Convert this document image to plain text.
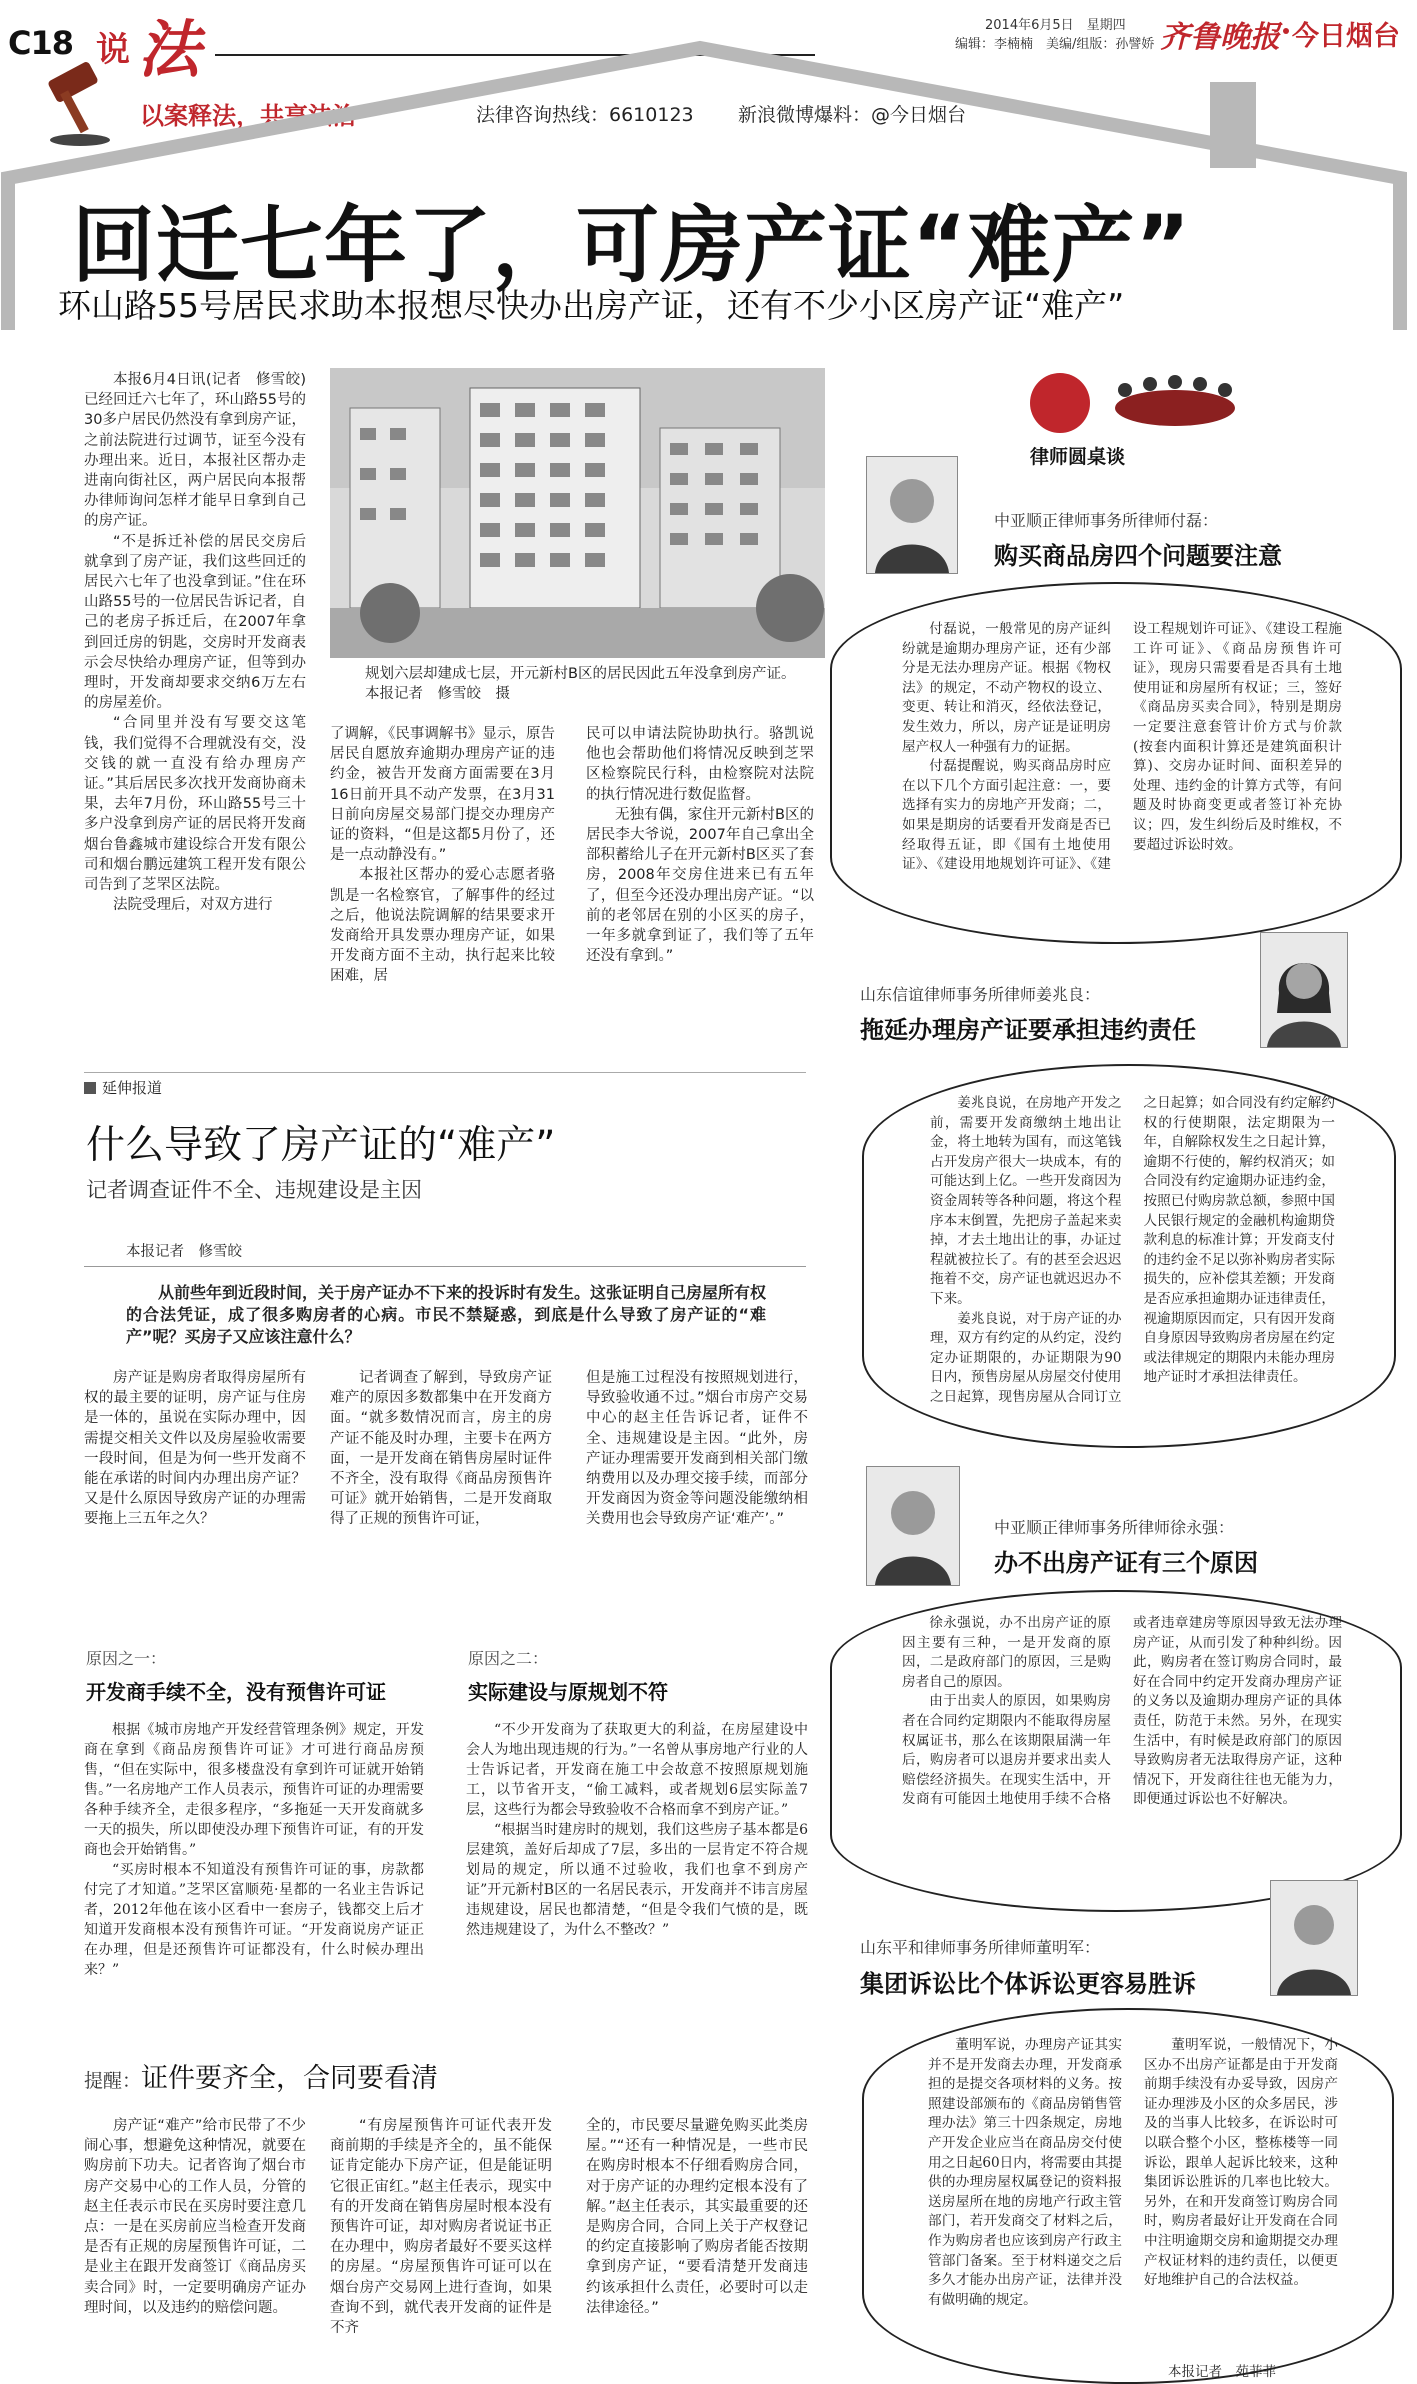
C18 说 法	2014年6月5日　星期四
编辑：李楠楠　美编/组版：孙譬娇 齐鲁晚报 今日烟台
以案释法，共享法治	法律咨询热线：6610123 新浪微博爆料：@今日烟台
回迁七年了，可房产证“难产”
环山路55号居民求助本报想尽快办出房产证，还有不少小区房产证“难产”

本报6月4日讯(记者　修雪皎)　已经回迁六七年了，环山路55号的30多户居民仍然没有拿到房产证，之前法院进行过调节，证至今没有办理出来。近日，本报社区帮办走进南向街社区，两户居民向本报帮办律师询问怎样才能早日拿到自己的房产证。

“不是拆迁补偿的居民交房后就拿到了房产证，我们这些回迁的居民六七年了也没拿到证。”住在环山路55号的一位居民告诉记者，自己的老房子拆迁后，在2007年拿到回迁房的钥匙，交房时开发商表示会尽快给办理房产证，但等到办理时，开发商却要求交纳6万左右的房屋差价。

“合同里并没有写要交这笔钱，我们觉得不合理就没有交，没交钱的就一直没有给办理房产证。”其后居民多次找开发商协商未果，去年7月份，环山路55号三十多户没拿到房产证的居民将开发商烟台鲁鑫城市建设综合开发有限公司和烟台鹏远建筑工程开发有限公司告到了芝罘区法院。

法院受理后，对双方进行

规划六层却建成七层，开元新村B区的居民因此五年没拿到房产证。　本报记者　修雪皎　摄

了调解，《民事调解书》显示，原告居民自愿放弃逾期办理房产证的违约金，被告开发商方面需要在3月16日前开具不动产发票，在3月31日前向房屋交易部门提交办理房产证的资料，“但是这都5月份了，还是一点动静没有。”

本报社区帮办的爱心志愿者骆凯是一名检察官，了解事件的经过之后，他说法院调解的结果要求开发商给开具发票办理房产证，如果开发商方面不主动，执行起来比较困难，居

民可以申请法院协助执行。骆凯说他也会帮助他们将情况反映到芝罘区检察院民行科，由检察院对法院的执行情况进行数促监督。

无独有偶，家住开元新村B区的居民李大爷说，2007年自己拿出全部积蓄给儿子在开元新村B区买了套房，2008年交房住进来已有五年了，但至今还没办理出房产证。“以前的老邻居在别的小区买的房子，一年多就拿到证了，我们等了五年还没有拿到。”

律师圆桌谈
中亚顺正律师事务所律师付磊：
购买商品房四个问题要注意

付磊说，一般常见的房产证纠纷就是逾期办理房产证，还有少部分是无法办理房产证。根据《物权法》的规定，不动产物权的设立、变更、转让和消灭，经依法登记，发生效力，所以，房产证是证明房屋产权人一种强有力的证据。

付磊提醒说，购买商品房时应在以下几个方面引起注意：一，要选择有实力的房地产开发商；二，如果是期房的话要看开发商是否已经取得五证，即《国有土地使用证》、《建设用地规划许可证》、《建设工程规划许可证》、《建设工程施工许可证》、《商品房预售许可证》，现房只需要看是否具有土地使用证和房屋所有权证；三，签好《商品房买卖合同》，特别是期房一定要注意套管计价方式与价款(按套内面积计算还是建筑面积计算)、交房办证时间、面积差异的处理、违约金的计算方式等，有问题及时协商变更或者签订补充协议；四，发生纠纷后及时维权，不要超过诉讼时效。

山东信谊律师事务所律师姜兆良：
拖延办理房产证要承担违约责任

姜兆良说，在房地产开发之前，需要开发商缴纳土地出让金，将土地转为国有，而这笔钱占开发房产很大一块成本，有的可能达到上亿。一些开发商因为资金周转等各种问题，将这个程序本末倒置，先把房子盖起来卖掉，才去土地出让的事，办证过程就被拉长了。有的甚至会迟迟拖着不交，房产证也就迟迟办不下来。

姜兆良说，对于房产证的办理，双方有约定的从约定，没约定办证期限的，办证期限为90日内，预售房屋从房屋交付使用之日起算，现售房屋从合同订立之日起算；如合同没有约定解约权的行使期限，法定期限为一年，自解除权发生之日起计算，逾期不行使的，解约权消灭；如合同没有约定逾期办证违约金，按照已付购房款总额，参照中国人民银行规定的金融机构逾期贷款利息的标准计算；开发商支付的违约金不足以弥补购房者实际损失的，应补偿其差额；开发商是否应承担逾期办证违律责任，视逾期原因而定，只有因开发商自身原因导致购房者房屋在约定或法律规定的期限内未能办理房地产证时才承担法律责任。

中亚顺正律师事务所律师徐永强：
办不出房产证有三个原因

徐永强说，办不出房产证的原因主要有三种，一是开发商的原因，二是政府部门的原因，三是购房者自己的原因。

由于出卖人的原因，如果购房者在合同约定期限内不能取得房屋权属证书，那么在该期限届满一年后，购房者可以退房并要求出卖人赔偿经济损失。在现实生活中，开发商有可能因土地使用手续不合格或者违章建房等原因导致无法办理房产证，从而引发了种种纠纷。因此，购房者在签订购房合同时，最好在合同中约定开发商办理房产证的义务以及逾期办理房产证的具体责任，防范于未然。另外，在现实生活中，有时候是政府部门的原因导致购房者无法取得房产证，这种情况下，开发商往往也无能为力，即便通过诉讼也不好解决。

山东平和律师事务所律师董明军：
集团诉讼比个体诉讼更容易胜诉

董明军说，办理房产证其实并不是开发商去办理，开发商承担的是提交各项材料的义务。按照建设部颁布的《商品房销售管理办法》第三十四条规定，房地产开发企业应当在商品房交付使用之日起60日内，将需要由其提供的办理房屋权属登记的资料报送房屋所在地的房地产行政主管部门，若开发商交了材料之后，作为购房者也应该到房产行政主管部门备案。至于材料递交之后多久才能办出房产证，法律并没有做明确的规定。

董明军说，一般情况下，小区办不出房产证都是由于开发商前期手续没有办妥导致，因房产证办理涉及小区的众多居民，涉及的当事人比较多，在诉讼时可以联合整个小区，整栋楼等一同诉讼，跟单人起诉比较来，这种集团诉讼胜诉的几率也比较大。另外，在和开发商签订购房合同时，购房者最好让开发商在合同中注明逾期交房和逾期提交办理产权证材料的违约责任，以便更好地维护自己的合法权益。

本报记者　苑菲菲
延伸报道
什么导致了房产证的“难产”
记者调查证件不全、违规建设是主因
本报记者　修雪皎

从前些年到近段时间，关于房产证办不下来的投诉时有发生。这张证明自己房屋所有权的合法凭证，成了很多购房者的心病。市民不禁疑惑，到底是什么导致了房产证的“难产”呢？买房子又应该注意什么？

房产证是购房者取得房屋所有权的最主要的证明，房产证与住房是一体的，虽说在实际办理中，因需提交相关文件以及房屋验收需要一段时间，但是为何一些开发商不能在承诺的时间内办理出房产证？又是什么原因导致房产证的办理需要拖上三五年之久？

记者调查了解到，导致房产证难产的原因多数都集中在开发商方面。“就多数情况而言，房主的房产证不能及时办理，主要卡在两方面，一是开发商在销售房屋时证件不齐全，没有取得《商品房预售许可证》就开始销售，二是开发商取得了正规的预售许可证，

但是施工过程没有按照规划进行，导致验收通不过。”烟台市房产交易中心的赵主任告诉记者，证件不全、违规建设是主因。“此外，房产证办理需要开发商到相关部门缴纳费用以及办理交接手续，而部分开发商因为资金等问题没能缴纳相关费用也会导致房产证‘难产’。”

原因之一：
开发商手续不全，没有预售许可证

根据《城市房地产开发经营管理条例》规定，开发商在拿到《商品房预售许可证》才可进行商品房预售，“但在实际中，很多楼盘没有拿到许可证就开始销售。”一名房地产工作人员表示，预售许可证的办理需要各种手续齐全，走很多程序，“多拖延一天开发商就多一天的损失，所以即使没办理下预售许可证，有的开发商也会开始销售。”

“买房时根本不知道没有预售许可证的事，房款都付完了才知道。”芝罘区富顺苑·星都的一名业主告诉记者，2012年他在该小区看中一套房子，钱都交上后才知道开发商根本没有预售许可证。“开发商说房产证正在办理，但是还预售许可证都没有，什么时候办理出来？”

原因之二：
实际建设与原规划不符

“不少开发商为了获取更大的利益，在房屋建设中会人为地出现违规的行为。”一名曾从事房地产行业的人士告诉记者，开发商在施工中会故意不按照原规划施工，以节省开支，“偷工减料，或者规划6层实际盖7层，这些行为都会导致验收不合格而拿不到房产证。”

“根据当时建房时的规划，我们这些房子基本都是6层建筑，盖好后却成了7层，多出的一层肯定不符合规划局的规定，所以通不过验收，我们也拿不到房产证”开元新村B区的一名居民表示，开发商并不讳言房屋违规建设，居民也都清楚，“但是令我们气愤的是，既然违规建设了，为什么不整改？”

提醒：证件要齐全，合同要看清

房产证“难产”给市民带了不少闹心事，想避免这种情况，就要在购房前下功夫。记者咨询了烟台市房产交易中心的工作人员，分管的赵主任表示市民在买房时要注意几点：一是在买房前应当检查开发商是否有正规的房屋预售许可证，二是业主在跟开发商签订《商品房买卖合同》时，一定要明确房产证办理时间，以及违约的赔偿问题。

“有房屋预售许可证代表开发商前期的手续是齐全的，虽不能保证肯定能办下房产证，但是能证明它很正宙红。”赵主任表示，现实中有的开发商在销售房屋时根本没有预售许可证，却对购房者说证书正在办理中，购房者最好不要买这样的房屋。“房屋预售许可证可以在烟台房产交易网上进行查询，如果查询不到，就代表开发商的证件是不齐

全的，市民要尽量避免购买此类房屋。”“还有一种情况是，一些市民在购房时根本不仔细看购房合同，对于房产证的办理约定根本没有了解。”赵主任表示，其实最重要的还是购房合同，合同上关于产权登记的约定直接影响了购房者能否按期拿到房产证，“要看清楚开发商违约该承担什么责任，必要时可以走法律途径。”
